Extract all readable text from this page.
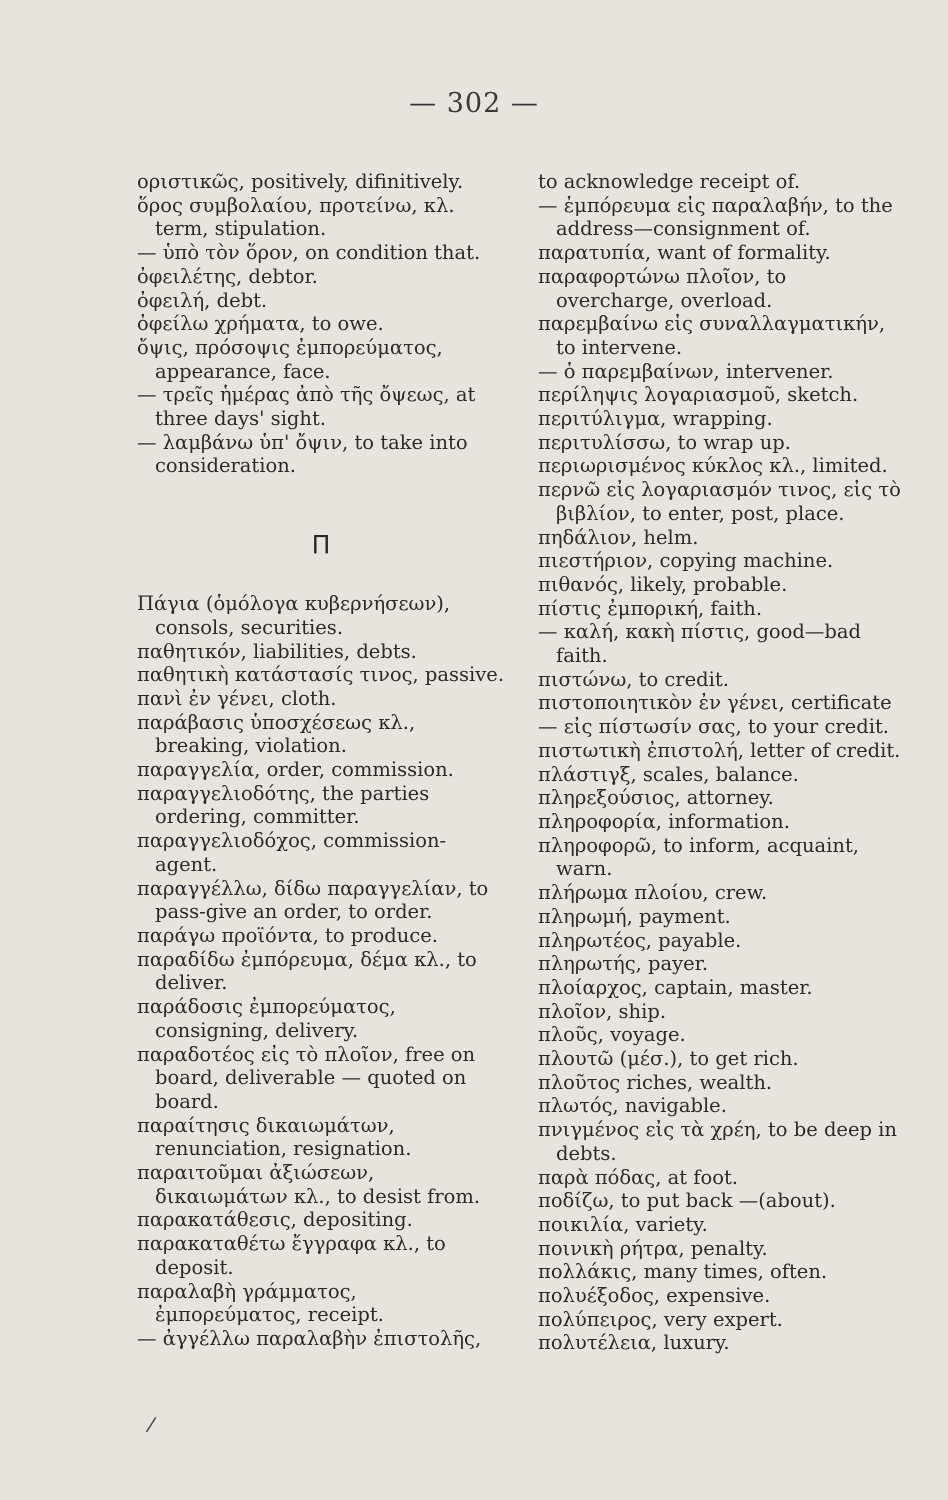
— 302 —

οριστικῶς, positively, difinitively.

ὅρος συμβολαίου, προτείνω, κλ. term, stipulation.

— ὑπὸ τὸν ὅρον, on condition that.

ὀφειλέτης, debtor.

ὀφειλή, debt.

ὀφείλω χρήματα, to owe.

ὄψις, πρόσοψις ἐμπορεύματος, appearance, face.

— τρεῖς ἡμέρας ἀπὸ τῆς ὄψεως, at three days' sight.

— λαμβάνω ὑπ' ὄψιν, to take into consideration.

Π

Πάγια (ὁμόλογα κυβερνήσεων), consols, securities.

παθητικόν, liabilities, debts.

παθητικὴ κατάστασίς τινος, passive.

πανὶ ἐν γένει, cloth.

παράβασις ὑποσχέσεως κλ., breaking, violation.

παραγγελία, order, commission.

παραγγελιοδότης, the parties ordering, committer.

παραγγελιοδόχος, commission-agent.

παραγγέλλω, δίδω παραγγελίαν, to pass-give an order, to order.

παράγω προϊόντα, to produce.

παραδίδω ἐμπόρευμα, δέμα κλ., to deliver.

παράδοσις ἐμπορεύματος, consigning, delivery.

παραδοτέος εἰς τὸ πλοῖον, free on board, deliverable — quoted on board.

παραίτησις δικαιωμάτων, renunciation, resignation.

παραιτοῦμαι ἀξιώσεων, δικαιωμάτων κλ., to desist from.

παρακατάθεσις, depositing.

παρακαταθέτω ἔγγραφα κλ., to deposit.

παραλαβὴ γράμματος, ἐμπορεύματος, receipt.

— ἀγγέλλω παραλαβὴν ἐπιστολῆς,

to acknowledge receipt of.

— ἐμπόρευμα εἰς παραλαβήν, to the address—consignment of.

παρατυπία, want of formality.

παραφορτώνω πλοῖον, to overcharge, overload.

παρεμβαίνω εἰς συναλλαγματικήν, to intervene.

— ὁ παρεμβαίνων, intervener.

περίληψις λογαριασμοῦ, sketch.

περιτύλιγμα, wrapping.

περιτυλίσσω, to wrap up.

περιωρισμένος κύκλος κλ., limited.

περνῶ εἰς λογαριασμόν τινος, εἰς τὸ βιβλίον, to enter, post, place.

πηδάλιον, helm.

πιεστήριον, copying machine.

πιθανός, likely, probable.

πίστις ἐμπορική, faith.

— καλή, κακὴ πίστις, good—bad faith.

πιστώνω, to credit.

πιστοποιητικὸν ἐν γένει, certificate

— εἰς πίστωσίν σας, to your credit.

πιστωτικὴ ἐπιστολή, letter of credit.

πλάστιγξ, scales, balance.

πληρεξούσιος, attorney.

πληροφορία, information.

πληροφορῶ, to inform, acquaint, warn.

πλήρωμα πλοίου, crew.

πληρωμή, payment.

πληρωτέος, payable.

πληρωτής, payer.

πλοίαρχος, captain, master.

πλοῖον, ship.

πλοῦς, voyage.

πλουτῶ (μέσ.), to get rich.

πλοῦτος riches, wealth.

πλωτός, navigable.

πνιγμένος εἰς τὰ χρέη, to be deep in debts.

παρὰ πόδας, at foot.

ποδίζω, to put back —(about).

ποικιλία, variety.

ποινικὴ ρήτρα, penalty.

πολλάκις, many times, often.

πολυέξοδος, expensive.

πολύπειρος, very expert.

πολυτέλεια, luxury.

/
